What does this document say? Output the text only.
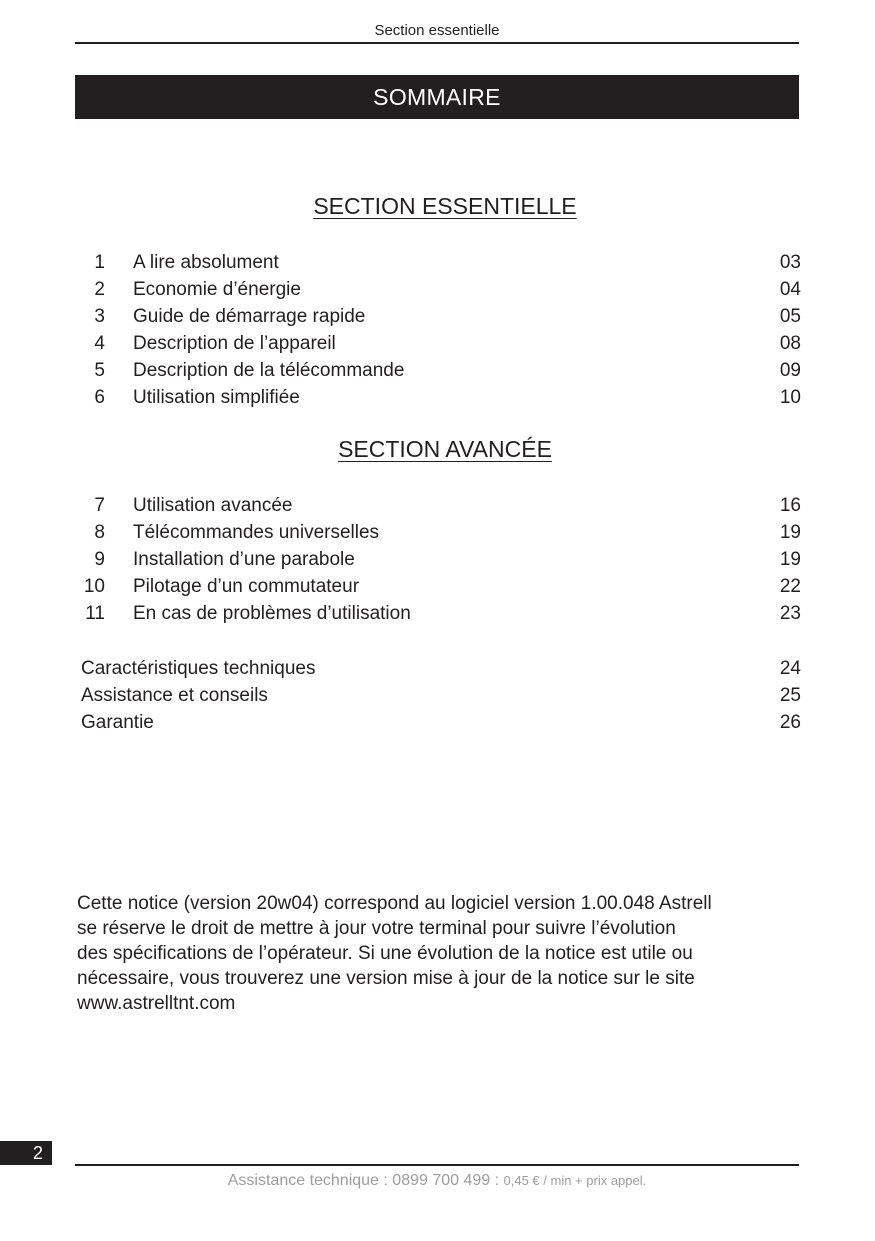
Section essentielle
SOMMAIRE
SECTION ESSENTIELLE
1 A lire absolument	03
2 Economie d’énergie	04
3 Guide de démarrage rapide	05
4 Description de l’appareil	08
5 Description de la télécommande	09
6 Utilisation simplifiée	10
SECTION AVANCÉE
7 Utilisation avancée	16
8 Télécommandes universelles	19
9 Installation d’une parabole	19
10 Pilotage d’un commutateur	22
11 En cas de problèmes d’utilisation	23
Caractéristiques techniques	24
Assistance et conseils	25
Garantie	26

Cette notice (version 20w04) correspond au logiciel version 1.00.048 Astrell
se réserve le droit de mettre à jour votre terminal pour suivre l’évolution
des spécifications de l’opérateur. Si une évolution de la notice est utile ou
nécessaire, vous trouverez une version mise à jour de la notice sur le site
www.astrelltnt.com

2
Assistance technique : 0899 700 499 : 0,45 € / min + prix appel.
